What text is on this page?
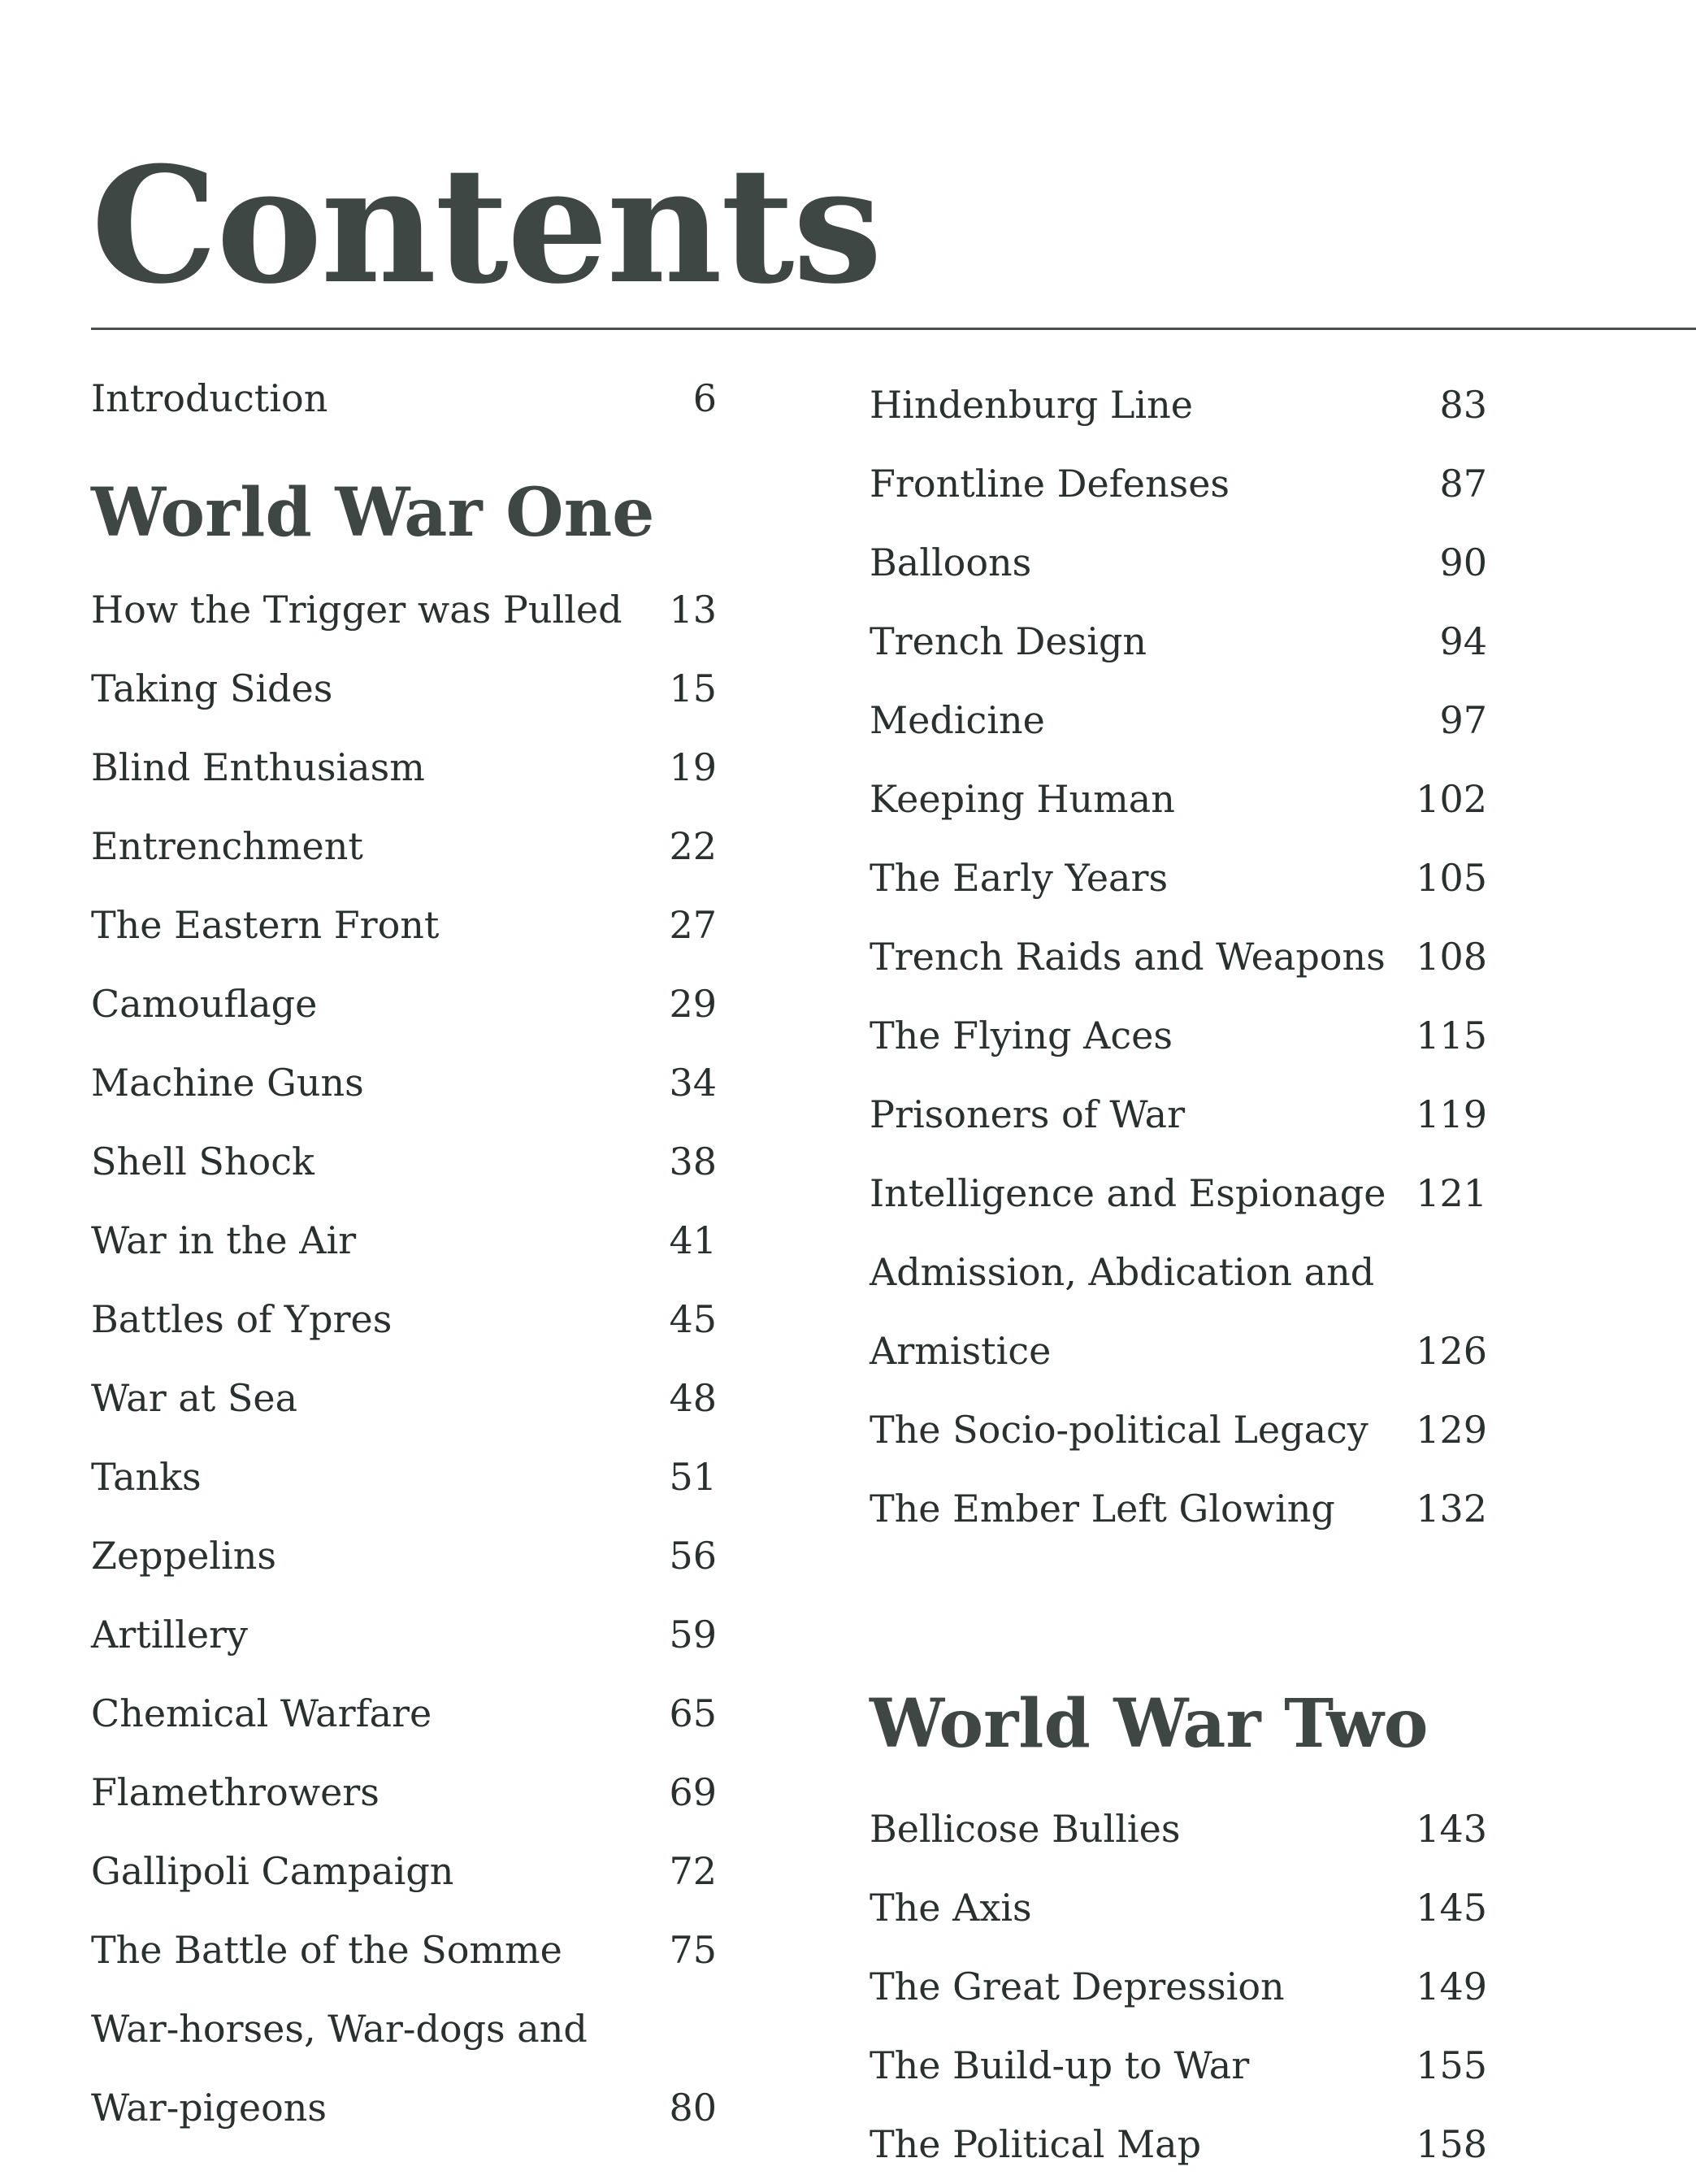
Contents
Introduction	6
World War One
How the Trigger was Pulled 13
Taking Sides	15
Blind Enthusiasm	19
Entrenchment	22
The Eastern Front	27
Camouflage	29
Machine Guns	34
Shell Shock	38
War in the Air	41
Battles of Ypres	45
War at Sea	48
Tanks	51
Zeppelins	56
Artillery	59
Chemical Warfare	65
Flamethrowers	69
Gallipoli Campaign	72
The Battle of the Somme	75
War-horses, War-dogs and
War-pigeons	80
Hindenburg Line	83
Frontline Defenses	87
Balloons	90
Trench Design	94
Medicine	97
Keeping Human	102
The Early Years	105
Trench Raids and Weapons 108
The Flying Aces	115
Prisoners of War	119
Intelligence and Espionage 121
Admission, Abdication and
Armistice	126
The Socio-political Legacy 129
The Ember Left Glowing 132
World War Two
Bellicose Bullies	143
The Axis	145
The Great Depression	149
The Build-up to War	155
The Political Map	158
